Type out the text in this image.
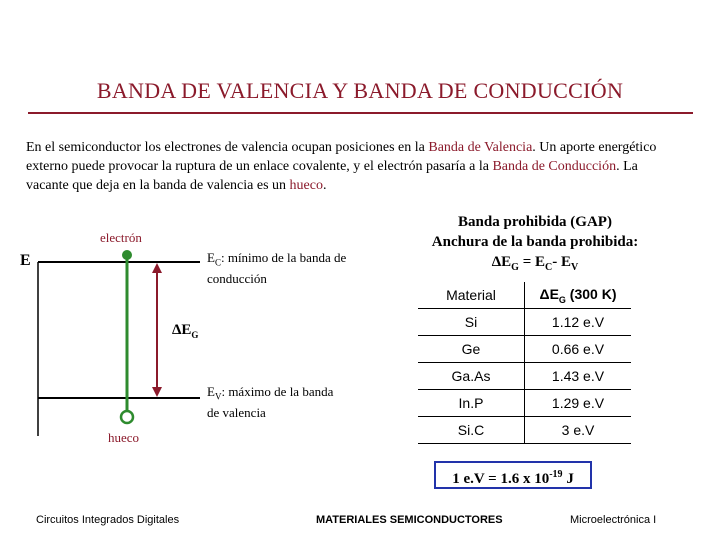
BANDA DE VALENCIA Y BANDA DE CONDUCCIÓN
En el semiconductor los electrones de valencia ocupan posiciones en la Banda de Valencia. Un aporte energético externo puede provocar la ruptura de un enlace covalente, y el electrón pasaría a la Banda de Conducción. La vacante que deja en la banda de valencia es un hueco.
Banda prohibida (GAP)
Anchura de la banda prohibida:
$\Delta E_G = E_C-$ $E_V$
electrón
hueco
E	$E_C$: mínimo de la banda de conducción
$E_V$: máximo de la banda de valencia
$\Delta E_G$
Material	$\Delta E_G$ (300 K)
Si	1.12 e.V
Ge	0.66 e.V
Ga.As	1.43 e.V
In.P	1.29 e.V
Si.C	3 e.V
1 e.V = 1.6 x $10^{-19}$ J
Circuitos Integrados Digitales	MATERIALES SEMICONDUCTORES	Microelectrónica I
